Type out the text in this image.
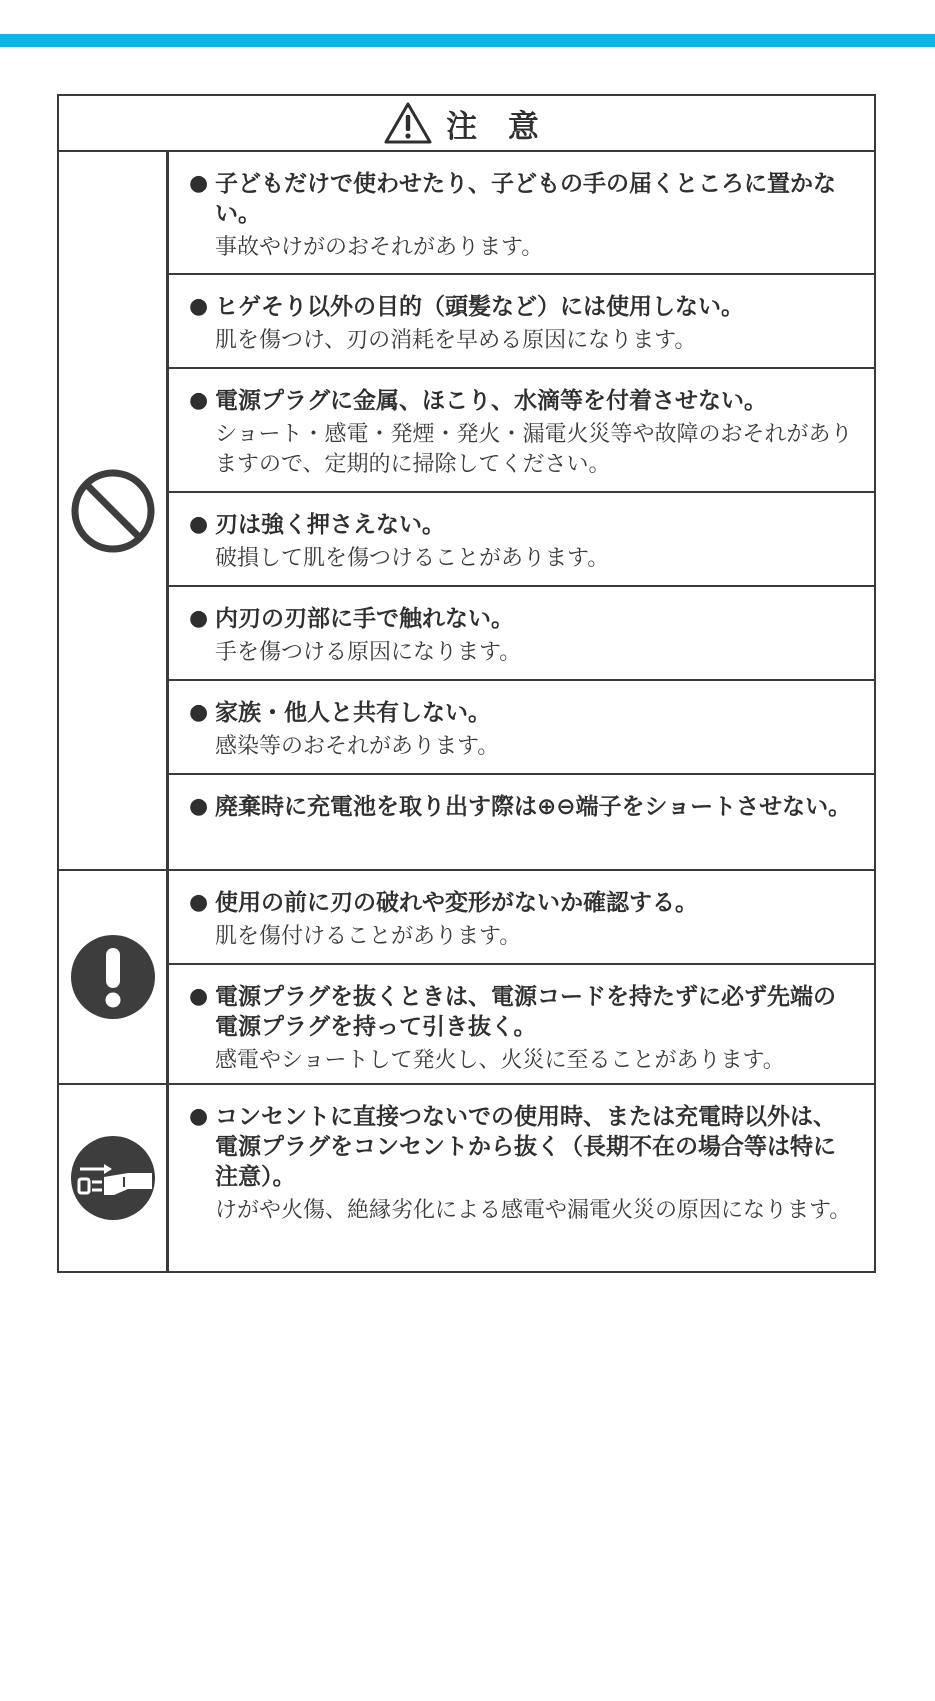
注 意
● 子どもだけで使わせたり、子どもの手の届くところに置かない。
事故やけがのおそれがあります。
● ヒゲそり以外の目的（頭髪など）には使用しない。
肌を傷つけ、刃の消耗を早める原因になります。
● 電源プラグに金属、ほこり、水滴等を付着させない。
ショート・感電・発煙・発火・漏電火災等や故障のおそれがありますので、定期的に掃除してください。
● 刃は強く押さえない。
破損して肌を傷つけることがあります。
● 内刃の刃部に手で触れない。
手を傷つける原因になります。
● 家族・他人と共有しない。
感染等のおそれがあります。
● 廃棄時に充電池を取り出す際は⊕⊖端子をショートさせない。
● 使用の前に刃の破れや変形がないか確認する。
肌を傷付けることがあります。
● 電源プラグを抜くときは、電源コードを持たずに必ず先端の電源プラグを持って引き抜く。
感電やショートして発火し、火災に至ることがあります。
● コンセントに直接つないでの使用時、または充電時以外は、電源プラグをコンセントから抜く（長期不在の場合等は特に注意）。
けがや火傷、絶縁劣化による感電や漏電火災の原因になります。
